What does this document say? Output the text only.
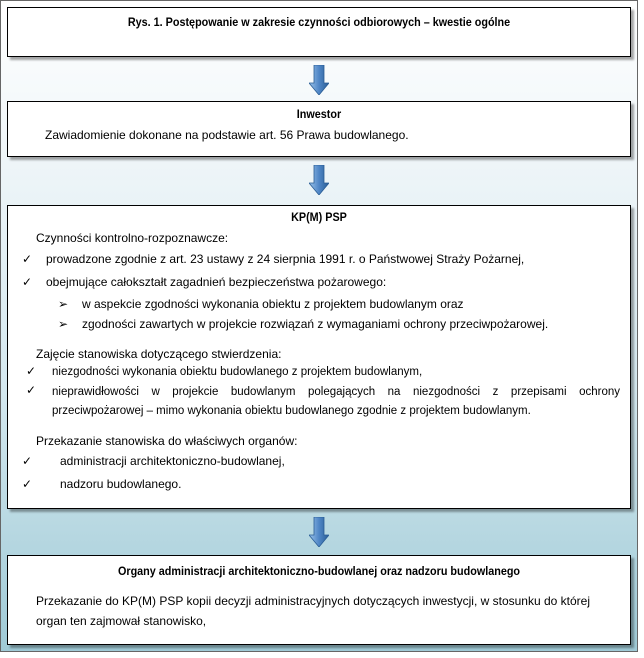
Rys. 1. Postępowanie w zakresie czynności odbiorowych – kwestie ogólne
Inwestor
Zawiadomienie dokonane na podstawie art. 56 Prawa budowlanego.
KP(M) PSP
Czynności kontrolno-rozpoznawcze:
✓ prowadzone zgodnie z art. 23 ustawy z 24 sierpnia 1991 r. o Państwowej Straży Pożarnej,
✓ obejmujące całokształt zagadnień bezpieczeństwa pożarowego:
➢ w aspekcie zgodności wykonania obiektu z projektem budowlanym oraz
➢ zgodności zawartych w projekcie rozwiązań z wymaganiami ochrony przeciwpożarowej.
Zajęcie stanowiska dotyczącego stwierdzenia:
✓ niezgodności wykonania obiektu budowlanego z projektem budowlanym,
✓	nieprawidłowości w projekcie budowlanym polegających na niezgodności z przepisami ochrony przeciwpożarowej – mimo wykonania obiektu budowlanego zgodnie z projektem budowlanym.
Przekazanie stanowiska do właściwych organów:
✓ administracji architektoniczno-budowlanej,
✓ nadzoru budowlanego.
Organy administracji architektoniczno-budowlanej oraz nadzoru budowlanego
Przekazanie do KP(M) PSP kopii decyzji administracyjnych dotyczących inwestycji, w stosunku do której organ ten zajmował stanowisko,
